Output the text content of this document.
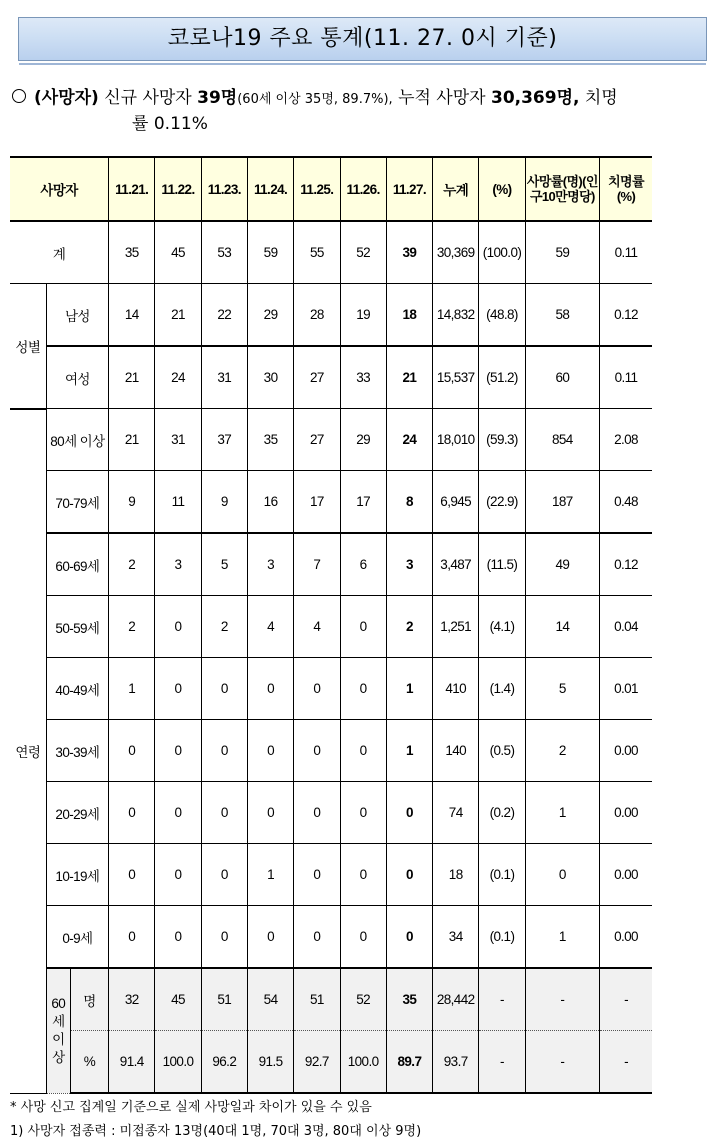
코로나19 주요 통계(11. 27. 0시 기준)
(사망자) 신규 사망자 39명(60세 이상 35명, 89.7%), 누적 사망자 30,369명, 치명
률 0.11%
사망자			11.21.	11.22.	11.23.	11.24.	11.25.	11.26.	11.27.	누계	(%)	사망률(명)(인구10만명당)	치명률(%)
계			35	45	53	59	55	52	39	30,369	(100.0)	59	0.11
성별	남성		14	21	22	29	28	19	18	14,832	(48.8)	58	0.12
	여성		21	24	31	30	27	33	21	15,537	(51.2)	60	0.11
연령	80세 이상		21	31	37	35	27	29	24	18,010	(59.3)	854	2.08
	70-79세		9	11	9	16	17	17	8	6,945	(22.9)	187	0.48
	60-69세		2	3	5	3	7	6	3	3,487	(11.5)	49	0.12
	50-59세		2	0	2	4	4	0	2	1,251	(4.1)	14	0.04
	40-49세		1	0	0	0	0	0	1	410	(1.4)	5	0.01
	30-39세		0	0	0	0	0	0	1	140	(0.5)	2	0.00
	20-29세		0	0	0	0	0	0	0	74	(0.2)	1	0.00
	10-19세		0	0	0	1	0	0	0	18	(0.1)	0	0.00
	0-9세		0	0	0	0	0	0	0	34	(0.1)	1	0.00
	60세 이상	명	32	45	51	54	51	52	35	28,442	-	-	-
		%	91.4	100.0	96.2	91.5	92.7	100.0	89.7	93.7	-	-	-
* 사망 신고 집계일 기준으로 실제 사망일과 차이가 있을 수 있음
1) 사망자 접종력 : 미접종자 13명(40대 1명, 70대 3명, 80대 이상 9명)
